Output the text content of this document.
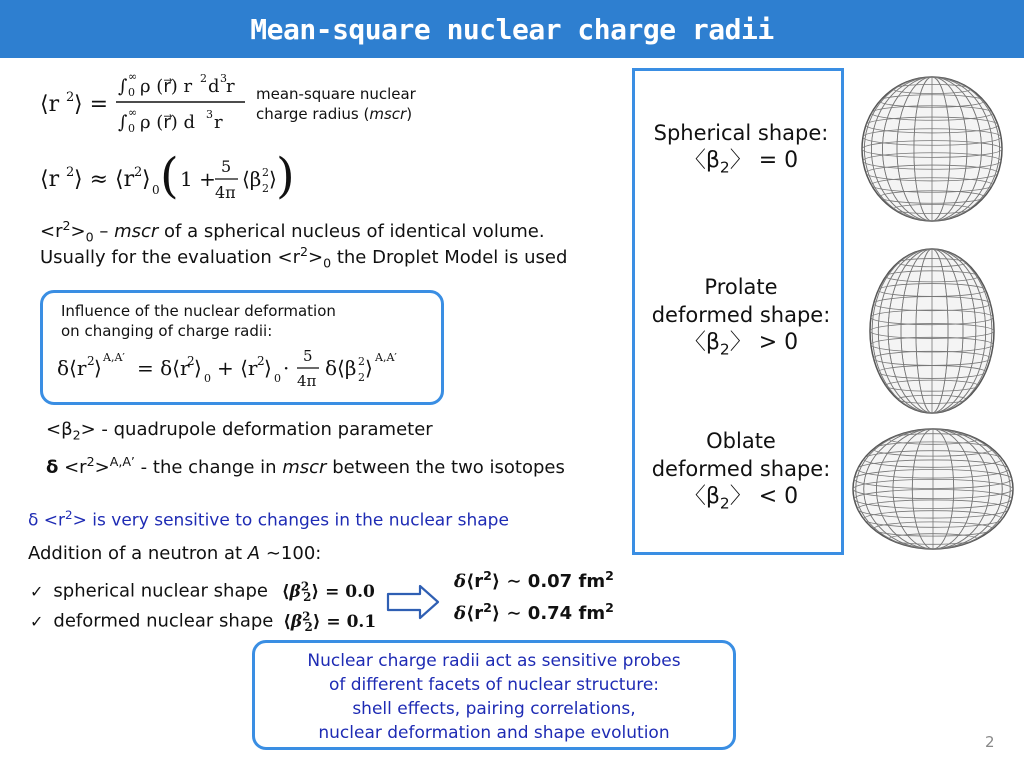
Mean-square nuclear charge radii
⟨r 2 ⟩ =
∫ ∞
0 ρ (r⃗) r 2 d 3 r
∫ ∞
0 ρ (r⃗) d 3 r
mean-square nuclear
charge radius (mscr)
⟨r 2 ⟩ ≈ ⟨r 2 ⟩ 0 ( 1 +
5
4π
⟨β 2
2 ⟩ )
$<r^2>_0$ – mscr of a spherical nucleus of identical volume.
Usually for the evaluation $<r^2>_0$ the Droplet Model is used
Influence of the nuclear deformation
on changing of charge radii:
δ⟨r 2 ⟩ A,A′ = δ⟨r
2 ⟩ 0 + ⟨r 2 ⟩ 0 · 5
4π
δ⟨β 2
2 ⟩ A,A′
$<\beta_2>$ - quadrupole deformation parameter
$\delta <r^2>^{A,A’}$ - the change in mscr between the two isotopes
$\delta <r^2>$ is very sensitive to changes in the nuclear shape
Addition of a neutron at A ∼100:
✓ spherical nuclear shape $⟨\beta^2_2⟩ = 0.0$
✓ deformed nuclear shape $⟨\beta^2_2⟩ = 0.1$
$\delta⟨r^2⟩$ ∼ 0.07 $fm^2$
$\delta⟨r^2⟩$ ∼ 0.74 $fm^2$
Nuclear charge radii act as sensitive probes
of different facets of nuclear structure:
shell effects, pairing correlations,
nuclear deformation and shape evolution
Spherical shape:
〈$\beta_2$〉 = 0
Prolate
deformed shape:
〈$\beta_2$〉 > 0
Oblate
deformed shape:
〈$\beta_2$〉 < 0
2
